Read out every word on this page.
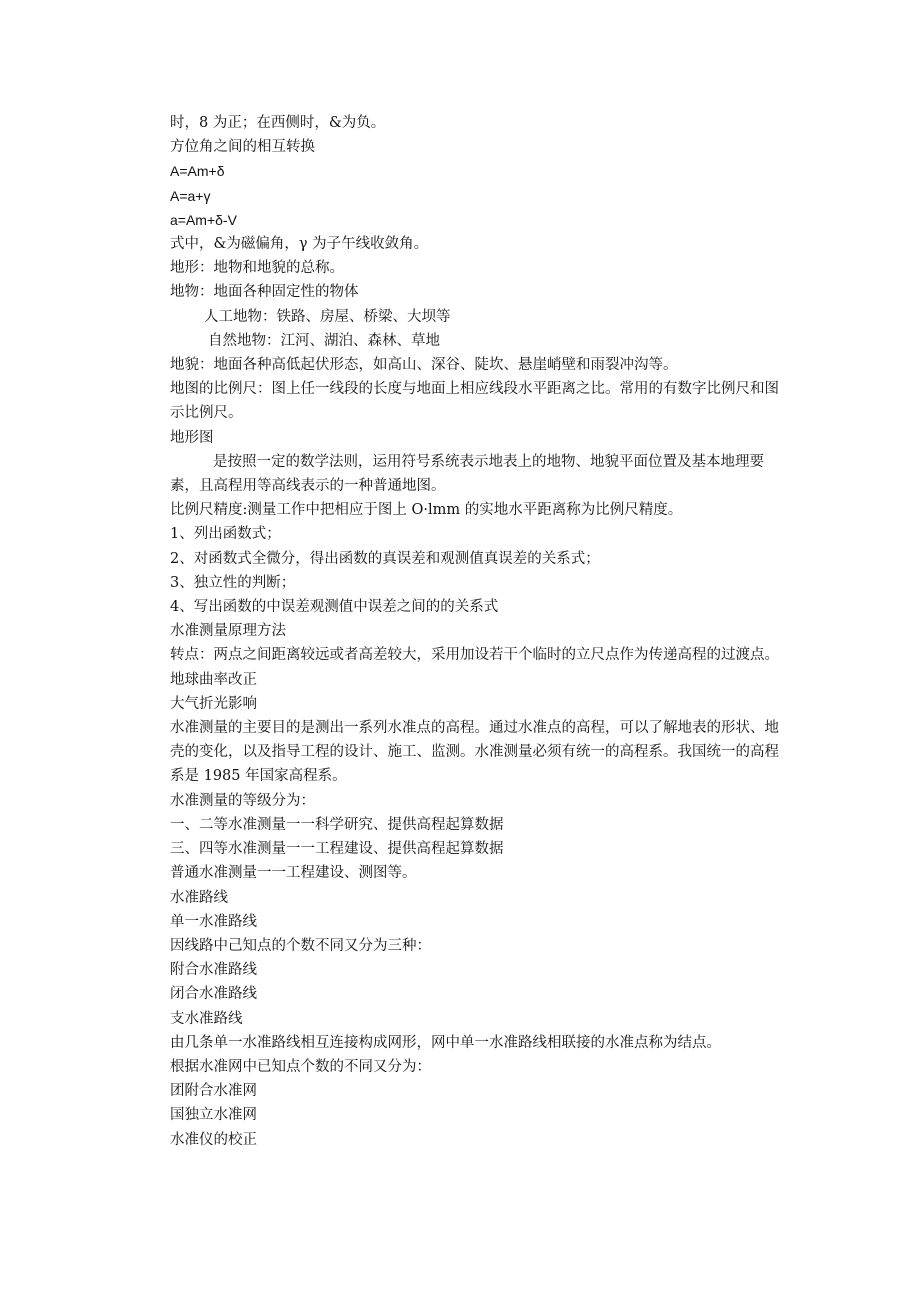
时，8 为正；在西侧时，&为负。
方位角之间的相互转换
A=Am+δ
A=a+γ
a=Am+δ-V
式中，&为磁偏角，γ 为子午线收敛角。
地形：地物和地貌的总称。
地物：地面各种固定性的物体
人工地物：铁路、房屋、桥梁、大坝等
自然地物：江河、湖泊、森林、草地
地貌：地面各种高低起伏形态，如高山、深谷、陡坎、悬崖峭壁和雨裂冲沟等。
地图的比例尺：图上任一线段的长度与地面上相应线段水平距离之比。常用的有数字比例尺和图示比例尺。
地形图
是按照一定的数学法则，运用符号系统表示地表上的地物、地貌平面位置及基本地理要素，且高程用等高线表示的一种普通地图。
比例尺精度:测量工作中把相应于图上 O·lmm 的实地水平距离称为比例尺精度。
1、列出函数式；
2、对函数式全微分，得出函数的真误差和观测值真误差的关系式；
3、独立性的判断；
4、写出函数的中误差观测值中误差之间的的关系式
水准测量原理方法
转点：两点之间距离较远或者高差较大，采用加设若干个临时的立尺点作为传递高程的过渡点。
地球曲率改正
大气折光影响
水准测量的主要目的是测出一系列水准点的高程。通过水准点的高程，可以了解地表的形状、地壳的变化，以及指导工程的设计、施工、监测。水准测量必须有统一的高程系。我国统一的高程系是 1985 年国家高程系。
水准测量的等级分为：
一、二等水准测量一一科学研究、提供高程起算数据
三、四等水准测量一一工程建设、提供高程起算数据
普通水准测量一一工程建设、测图等。
水准路线
单一水准路线
因线路中己知点的个数不同又分为三种：
附合水准路线
闭合水准路线
支水准路线
由几条单一水准路线相互连接构成网形，网中单一水准路线相联接的水准点称为结点。
根据水准网中已知点个数的不同又分为：
团附合水准网
国独立水准网
水准仪的校正
